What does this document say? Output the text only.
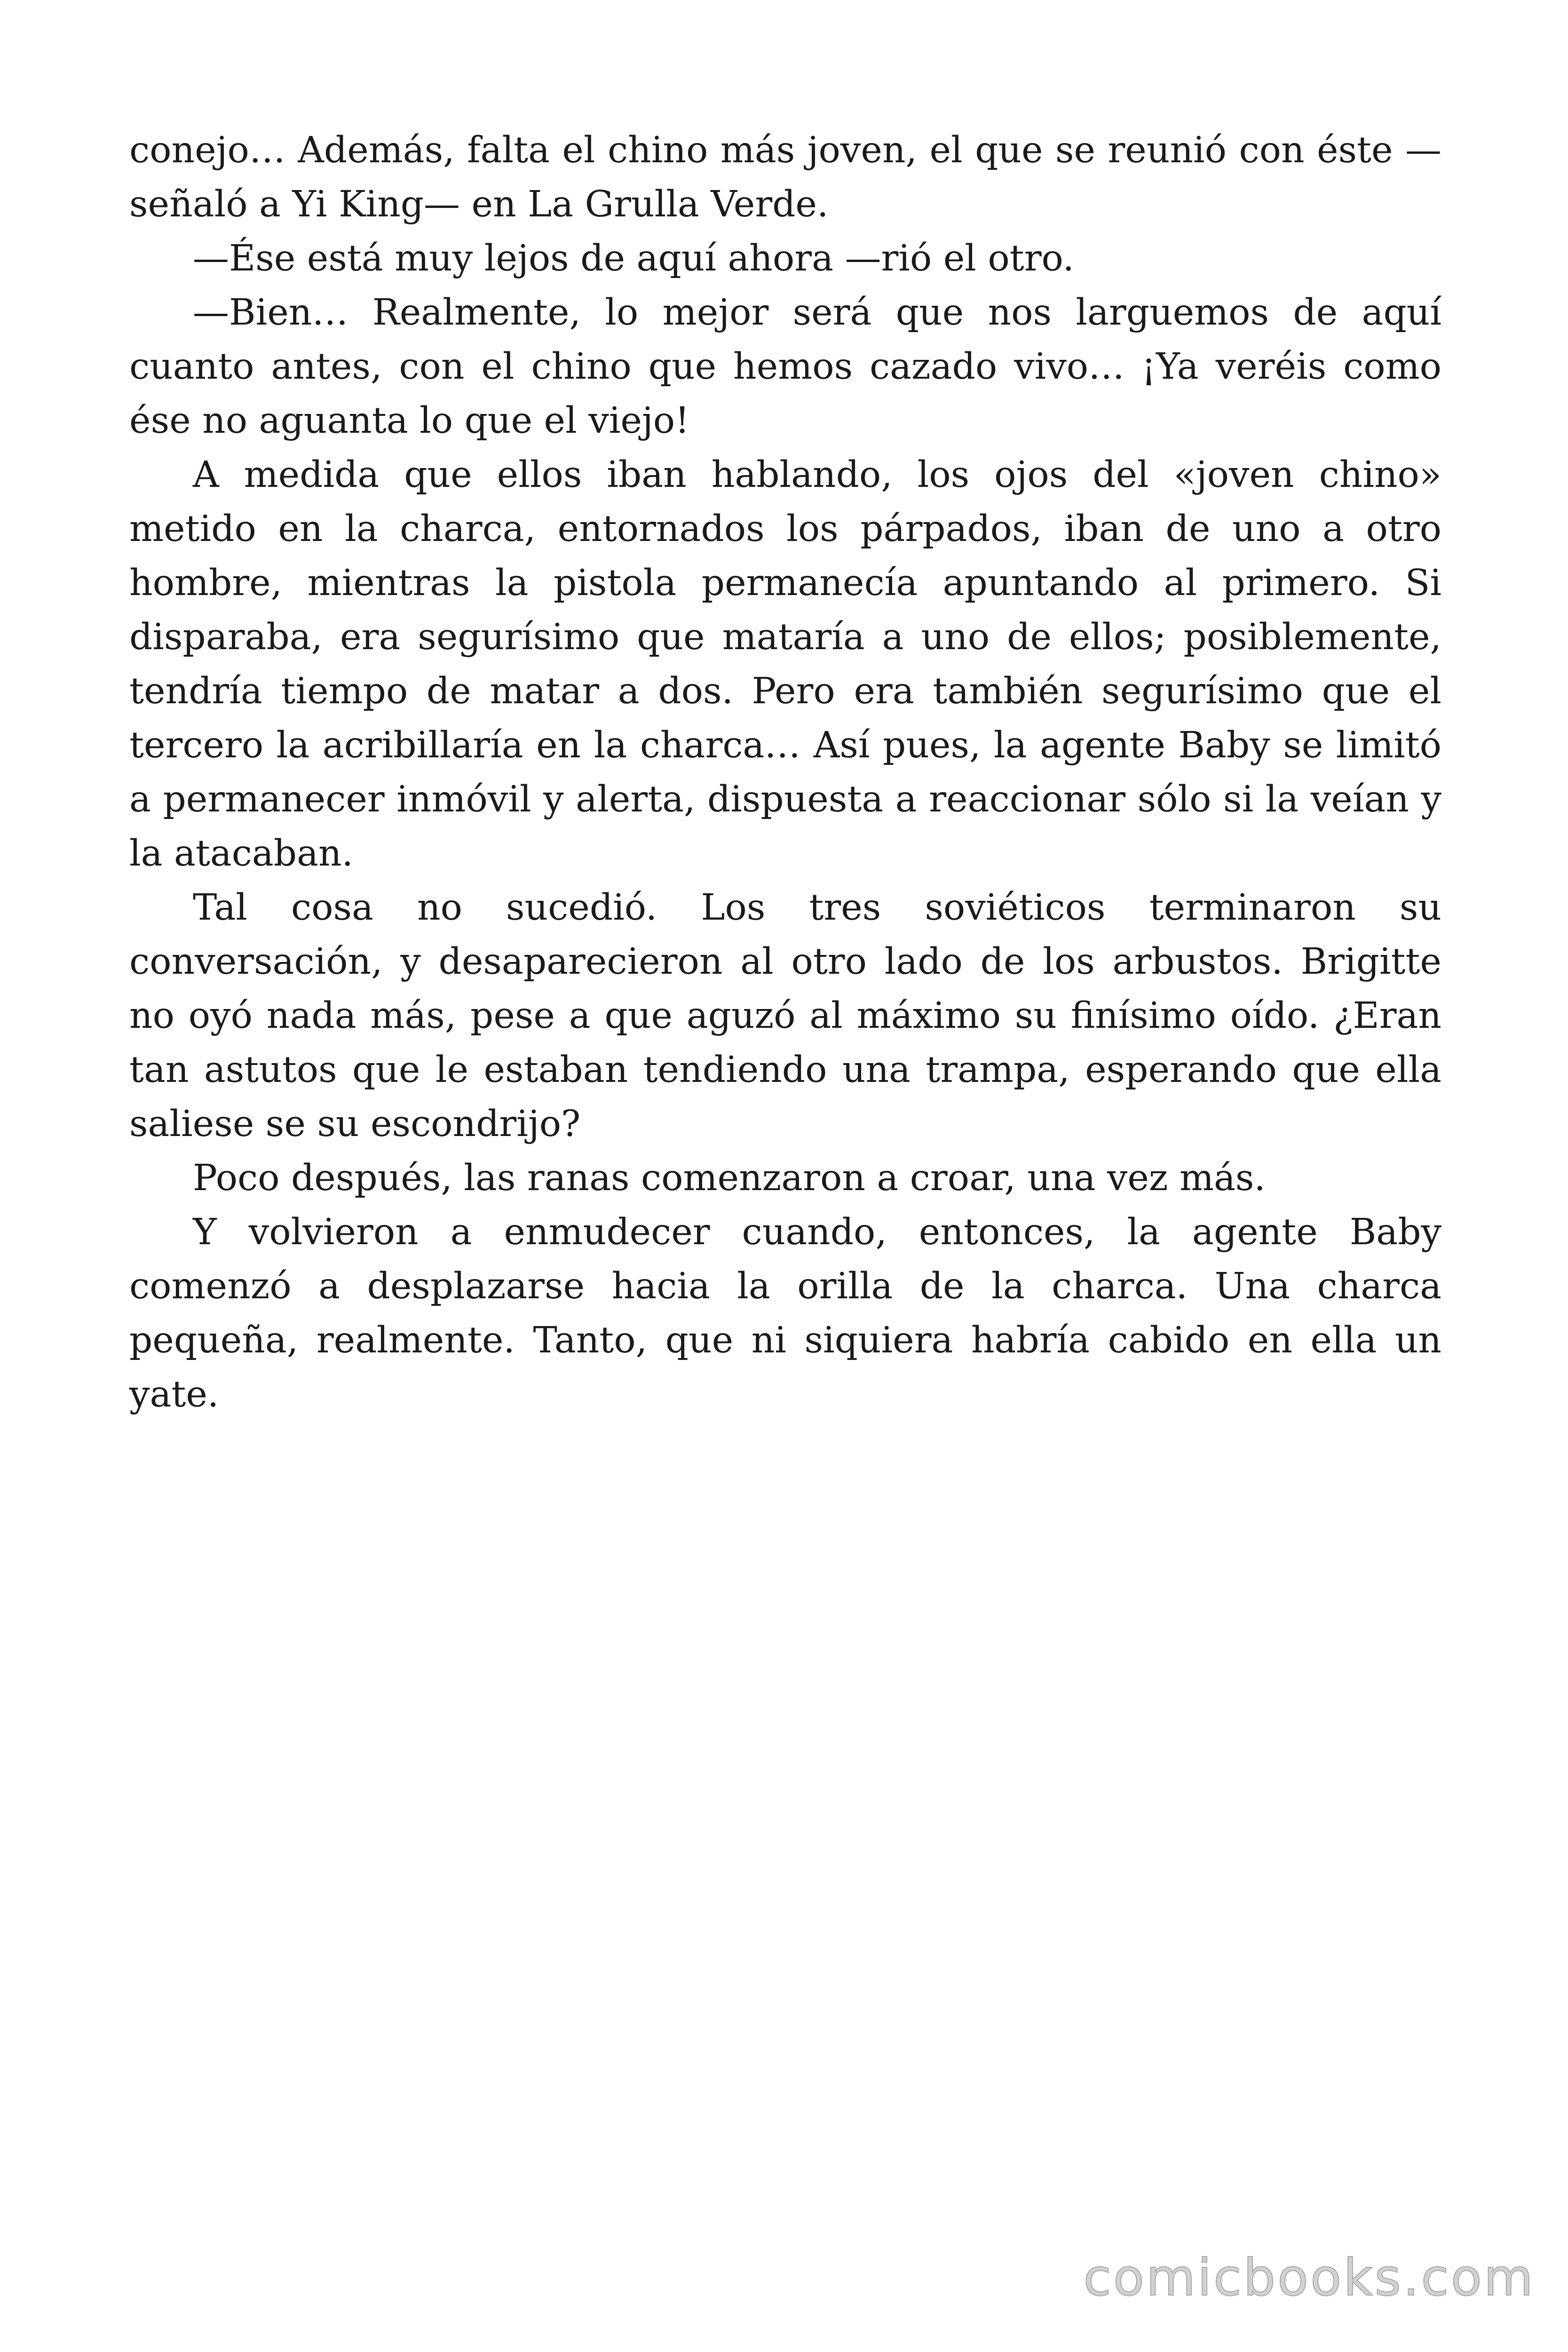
conejo… Además, falta el chino más joven, el que se reunió con éste —señaló a Yi King— en La Grulla Verde.

—Ése está muy lejos de aquí ahora —rió el otro.

—Bien… Realmente, lo mejor será que nos larguemos de aquí cuanto antes, con el chino que hemos cazado vivo… ¡Ya veréis como ése no aguanta lo que el viejo!

A medida que ellos iban hablando, los ojos del «joven chino» metido en la charca, entornados los párpados, iban de uno a otro hombre, mientras la pistola permanecía apuntando al primero. Si disparaba, era segurísimo que mataría a uno de ellos; posiblemente, tendría tiempo de matar a dos. Pero era también segurísimo que el tercero la acribillaría en la charca… Así pues, la agente Baby se limitó a permanecer inmóvil y alerta, dispuesta a reaccionar sólo si la veían y la atacaban.

Tal cosa no sucedió. Los tres soviéticos terminaron su conversación, y desaparecieron al otro lado de los arbustos. Brigitte no oyó nada más, pese a que aguzó al máximo su finísimo oído. ¿Eran tan astutos que le estaban tendiendo una trampa, esperando que ella saliese se su escondrijo?

Poco después, las ranas comenzaron a croar, una vez más.

Y volvieron a enmudecer cuando, entonces, la agente Baby comenzó a desplazarse hacia la orilla de la charca. Una charca pequeña, realmente. Tanto, que ni siquiera habría cabido en ella un yate.

comicbooks.com
